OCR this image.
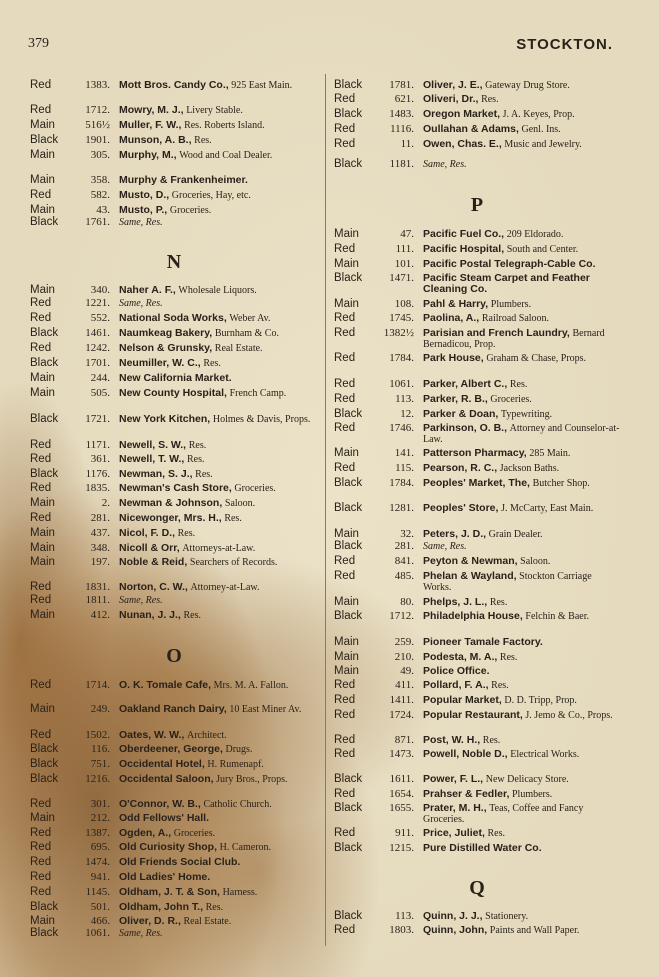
379	STOCKTON.
Red	1383. Mott Bros. Candy Co., 925 East Main.
Red	1712. Mowry, M. J., Livery Stable.
Main	516½ Muller, F. W., Res. Roberts Island.
Black	1901. Munson, A. B., Res.
Main	305. Murphy, M., Wood and Coal Dealer.
Main	358. Murphy & Frankenheimer.
Red	582. Musto, D., Groceries, Hay, etc.
Main	43. Musto, P., Groceries.
Black	1761. Same, Res.
N
Main	340. Naher A. F., Wholesale Liquors.
Red	1221. Same, Res.
Red	552. National Soda Works, Weber Av.
Black	1461. Naumkeag Bakery, Burnham & Co.
Red	1242. Nelson & Grunsky, Real Estate.
Black	1701. Neumiller, W. C., Res.
Main	244. New California Market.
Main	505. New County Hospital, French Camp.
Black	1721. New York Kitchen, Holmes & Davis, Props.
Red	1171. Newell, S. W., Res.
Red	361. Newell, T. W., Res.
Black	1176. Newman, S. J., Res.
Red	1835. Newman's Cash Store, Groceries.
Main	2. Newman & Johnson, Saloon.
Red	281. Nicewonger, Mrs. H., Res.
Main	437. Nicol, F. D., Res.
Main	348. Nicoll & Orr, Attorneys-at-Law.
Main	197. Noble & Reid, Searchers of Records.
Red	1831. Norton, C. W., Attorney-at-Law.
Red	1811. Same, Res.
Main	412. Nunan, J. J., Res.
O
Red	1714. O. K. Tomale Cafe, Mrs. M. A. Fallon.
Main	249. Oakland Ranch Dairy, 10 East Miner Av.
Red	1502. Oates, W. W., Architect.
Black	116. Oberdeener, George, Drugs.
Black	751. Occidental Hotel, H. Rumenapf.
Black	1216. Occidental Saloon, Jury Bros., Props.
Red	301. O'Connor, W. B., Catholic Church.
Main	212. Odd Fellows' Hall.
Red	1387. Ogden, A., Groceries.
Red	695. Old Curiosity Shop, H. Cameron.
Red	1474. Old Friends Social Club.
Red	941. Old Ladies' Home.
Red	1145. Oldham, J. T. & Son, Harness.
Black	501. Oldham, John T., Res.
Main	466. Oliver, D. R., Real Estate.
Black	1061. Same, Res.
Black	1781. Oliver, J. E., Gateway Drug Store.
Red	621. Oliveri, Dr., Res.
Black	1483. Oregon Market, J. A. Keyes, Prop.
Red	1116. Oullahan & Adams, Genl. Ins.
Red	11. Owen, Chas. E., Music and Jewelry.
Black	1181. Same, Res.
P
Main	47. Pacific Fuel Co., 209 Eldorado.
Red	111. Pacific Hospital, South and Center.
Main	101. Pacific Postal Telegraph-Cable Co.
Black	1471. Pacific Steam Carpet and Feather Cleaning Co.
Main	108. Pahl & Harry, Plumbers.
Red	1745. Paolina, A., Railroad Saloon.
Red	1382½ Parisian and French Laundry, Bernard Bernadicou, Prop.
Red	1784. Park House, Graham & Chase, Props.
Red	1061. Parker, Albert C., Res.
Red	113. Parker, R. B., Groceries.
Black	12. Parker & Doan, Typewriting.
Red	1746. Parkinson, O. B., Attorney and Counselor-at-Law.
Main	141. Patterson Pharmacy, 285 Main.
Red	115. Pearson, R. C., Jackson Baths.
Black	1784. Peoples' Market, The, Butcher Shop.
Black	1281. Peoples' Store, J. McCarty, East Main.
Main	32. Peters, J. D., Grain Dealer.
Black	281. Same, Res.
Red	841. Peyton & Newman, Saloon.
Red	485. Phelan & Wayland, Stockton Carriage Works.
Main	80. Phelps, J. L., Res.
Black	1712. Philadelphia House, Felchin & Baer.
Main	259. Pioneer Tamale Factory.
Main	210. Podesta, M. A., Res.
Main	49. Police Office.
Red	411. Pollard, F. A., Res.
Red	1411. Popular Market, D. D. Tripp, Prop.
Red	1724. Popular Restaurant, J. Jemo & Co., Props.
Red	871. Post, W. H., Res.
Red	1473. Powell, Noble D., Electrical Works.
Black	1611. Power, F. L., New Delicacy Store.
Red	1654. Prahser & Fedler, Plumbers.
Black	1655. Prater, M. H., Teas, Coffee and Fancy Groceries.
Red	911. Price, Juliet, Res.
Black	1215. Pure Distilled Water Co.
Q
Black	113. Quinn, J. J., Stationery.
Red	1803. Quinn, John, Paints and Wall Paper.
